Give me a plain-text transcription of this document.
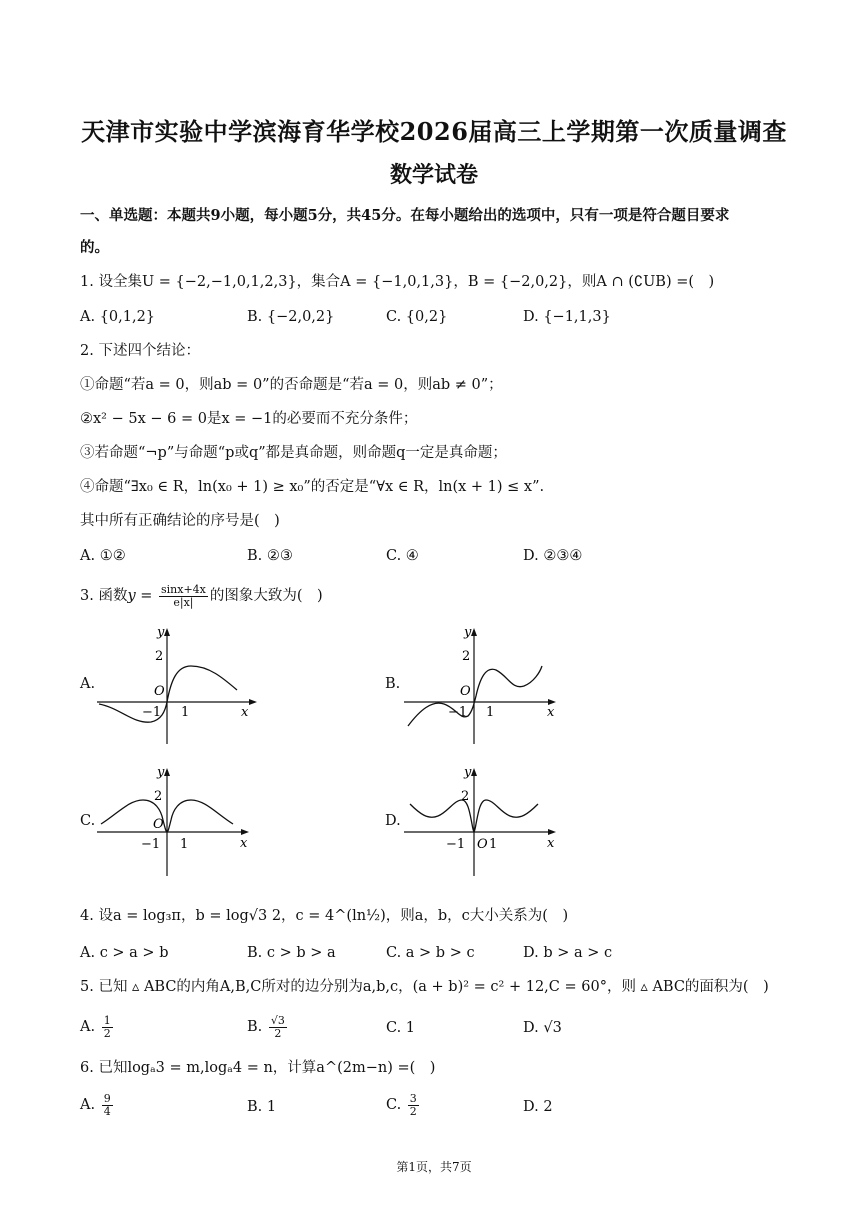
天津市实验中学滨海育华学校2026届高三上学期第一次质量调查
数学试卷
一、单选题：本题共9小题，每小题5分，共45分。在每小题给出的选项中，只有一项是符合题目要求
的。
1. 设全集U = {−2,−1,0,1,2,3}，集合A = {−1,0,1,3}，B = {−2,0,2}，则A ∩ (∁UB) =(　)
A. {0,1,2}	B. {−2,0,2}	C. {0,2}	D. {−1,1,3}
2. 下述四个结论：
①命题“若a = 0，则ab = 0”的否命题是“若a = 0，则ab ≠ 0”；
②x² − 5x − 6 = 0是x = −1的必要而不充分条件；
③若命题“¬p”与命题“p或q”都是真命题，则命题q一定是真命题；
④命题“∃x₀ ∈ R，ln(x₀ + 1) ≥ x₀”的否定是“∀x ∈ R，ln(x + 1) ≤ x”.
其中所有正确结论的序号是(　)
A. ①②	B. ②③	C. ④	D. ②③④
3. 函数$y = \frac{\sin x+4x}{e|x|}$ 的图象大致为(　)
A.	B.
C.	D.
y
x
O
2
−1 1
y
x
O
2
−1 1
y
x
O
2
−1 1
y
x
O
2
−1 1
4. 设a = log₃π，b = log√3 2，c = 4^(ln½)，则a，b，c大小关系为(　)
A. c > a > b	B. c > b > a	C. a > b > c	D. b > a > c
5. 已知 ▵ ABC的内角A,B,C所对的边分别为a,b,c，(a + b)² = c² + 12,C = 60°，则 ▵ ABC的面积为(　)
A. $\frac{1}{2}$	B. $\frac{√3}{2}$	C. 1	D. √3
6. 已知logₐ3 = m,logₐ4 = n，计算a^(2m−n) =(　)
A. $\frac{9}{4}$	B. 1	C. $\frac{3}{2}$	D. 2
第1页，共7页
